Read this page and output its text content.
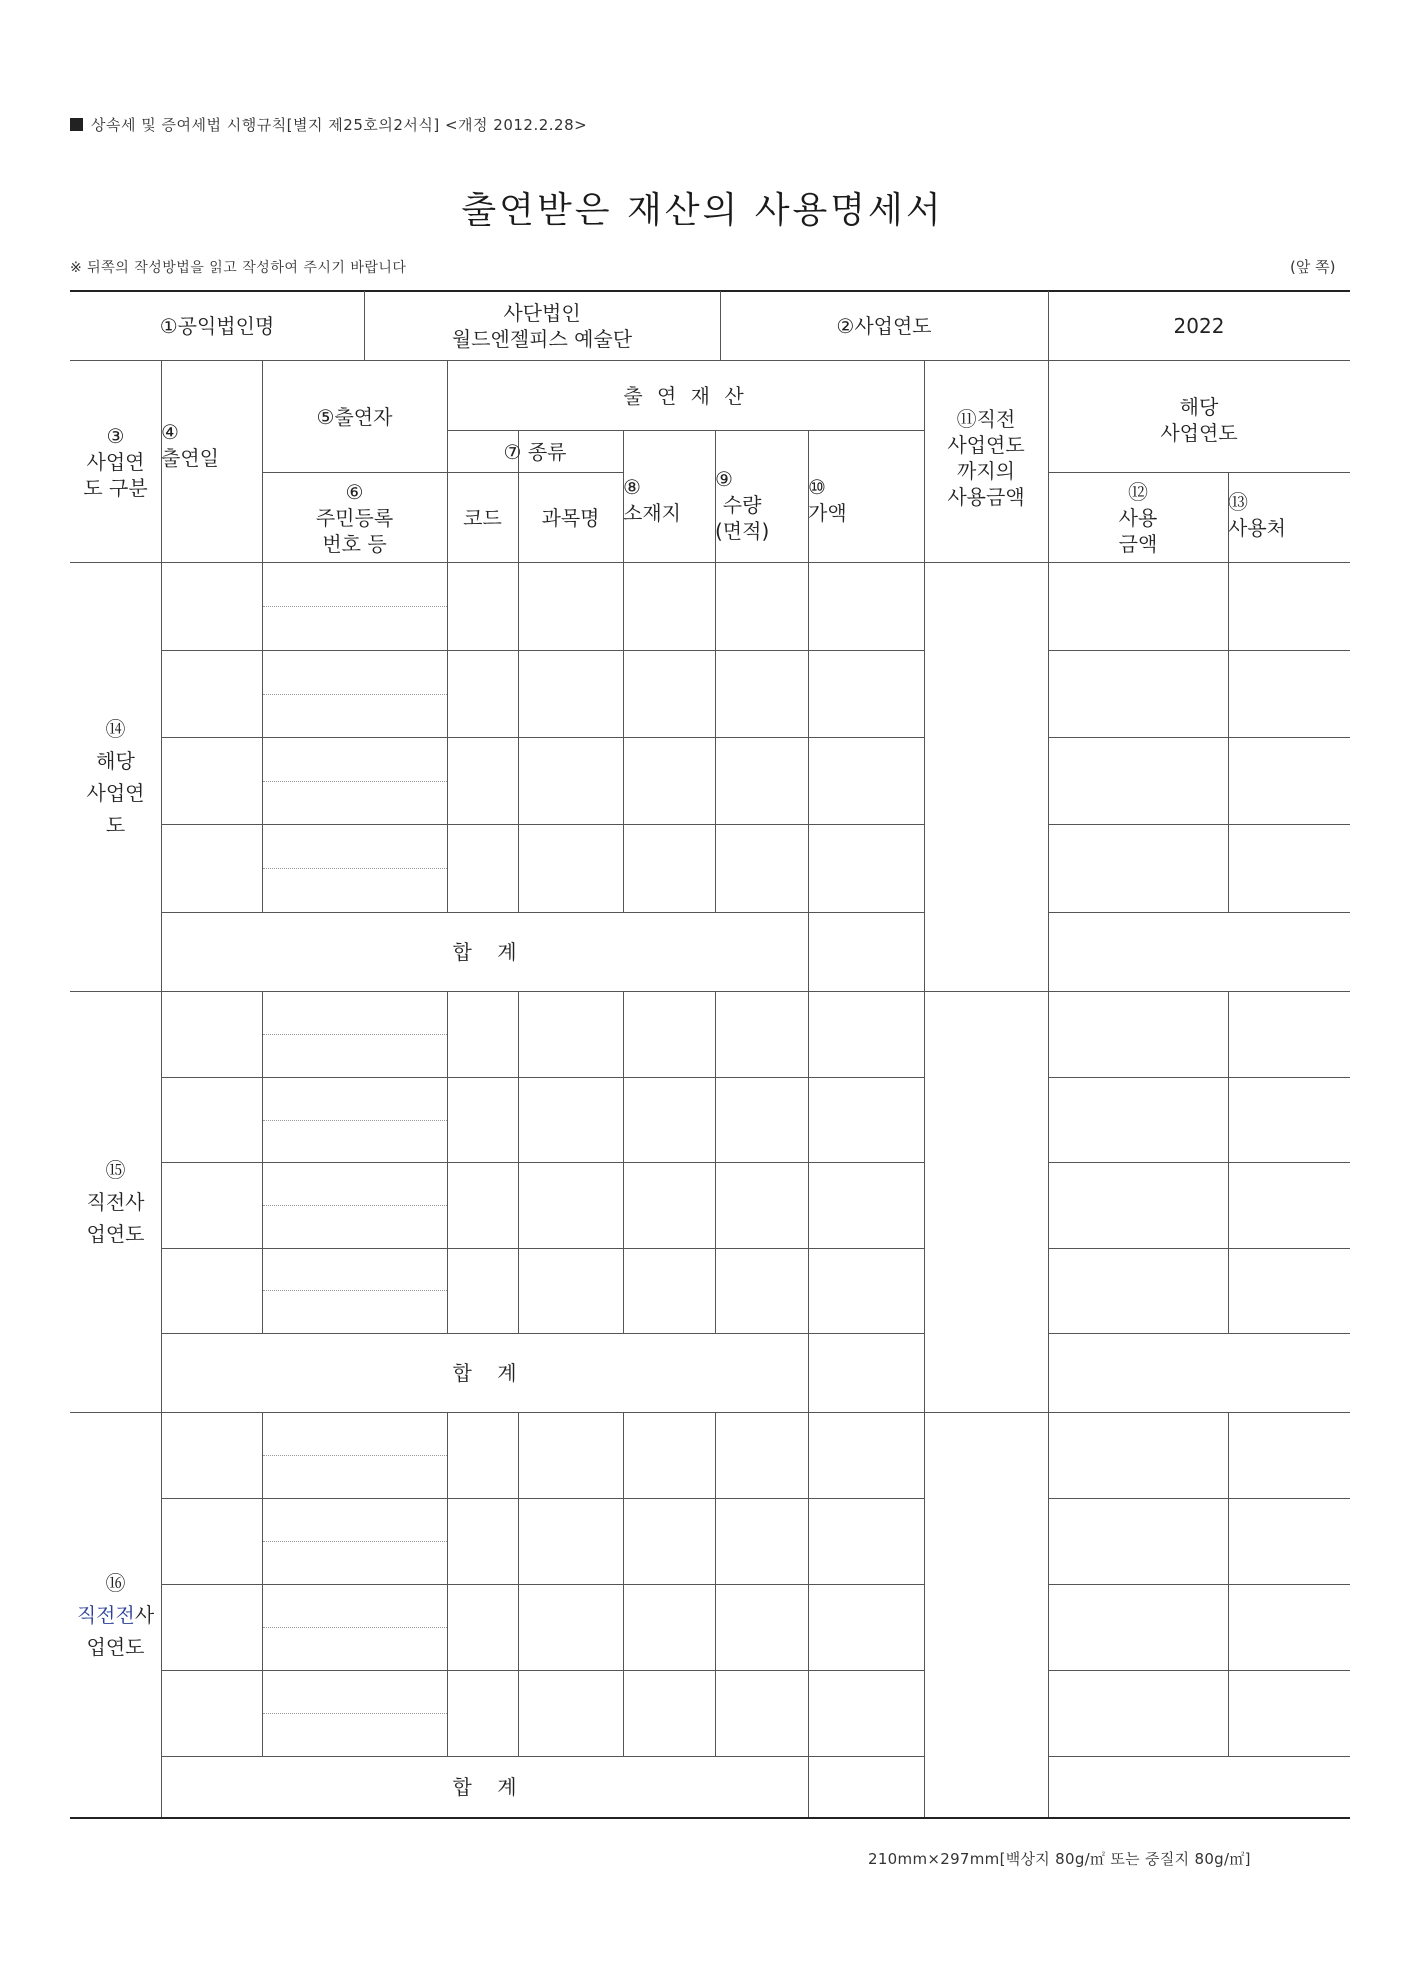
상속세 및 증여세법 시행규칙[별지 제25호의2서식] <개정 2012.2.28>
출연받은 재산의 사용명세서
※ 뒤쪽의 작성방법을 읽고 작성하여 주시기 바랍니다	(앞 쪽)
①공익법인명
사단법인
월드엔젤피스 예술단
②사업연도	2022
③
사업연
도 구분
④
출연일
⑤출연자
⑥
주민등록
번호 등
출 연 재 산
⑦ 종류
코드 과목명
⑧
소재지
⑨
수량
(면적)
⑩
가액
⑪직전
사업연도
까지의
사용금액
해당
사업연도
⑫
사용
금액
⑬
사용처
⑭
해당
사업연
도
⑮
직전사
업연도
⑯
직전전사
업연도
합    계
합    계
합    계
210mm×297mm[백상지 80g/㎡ 또는 중질지 80g/㎡]
